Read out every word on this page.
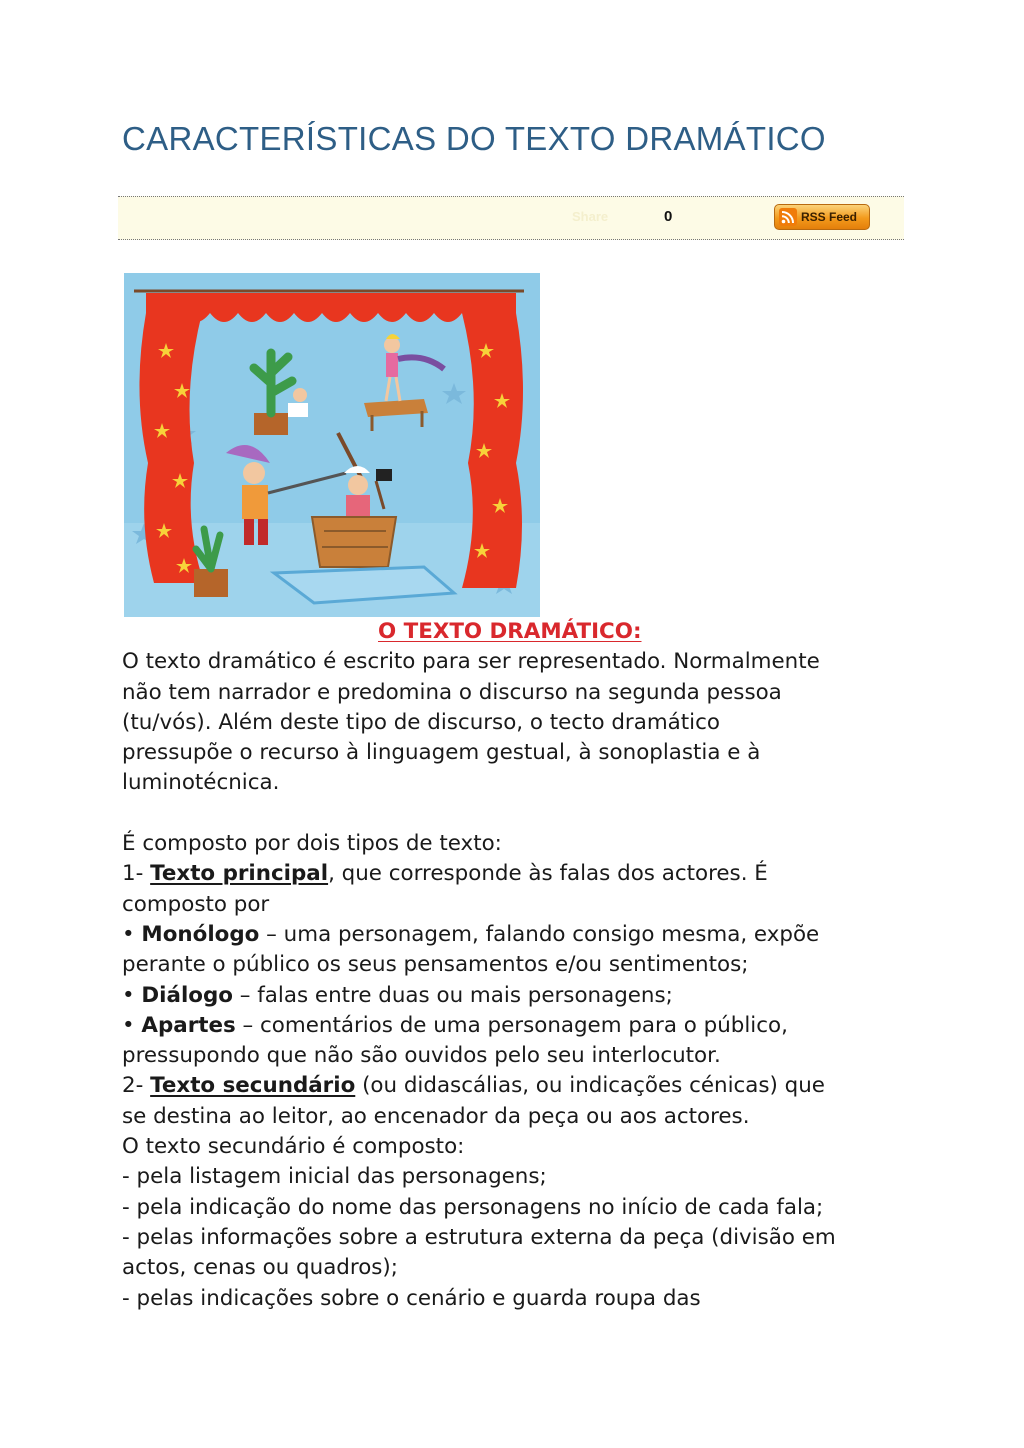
CARACTERÍSTICAS DO TEXTO DRAMÁTICO
Share	0	RSS Feed

O TEXTO DRAMÁTICO:

O texto dramático é escrito para ser representado. Normalmente

não tem narrador e predomina o discurso na segunda pessoa

(tu/vós). Além deste tipo de discurso, o tecto dramático

pressupõe o recurso à linguagem gestual, à sonoplastia e à

luminotécnica.

É composto por dois tipos de texto:

1- Texto principal, que corresponde às falas dos actores. É

composto por

• Monólogo – uma personagem, falando consigo mesma, expõe

perante o público os seus pensamentos e/ou sentimentos;

• Diálogo – falas entre duas ou mais personagens;

• Apartes – comentários de uma personagem para o público,

pressupondo que não são ouvidos pelo seu interlocutor.

2- Texto secundário (ou didascálias, ou indicações cénicas) que

se destina ao leitor, ao encenador da peça ou aos actores.

O texto secundário é composto:

- pela listagem inicial das personagens;

- pela indicação do nome das personagens no início de cada fala;

- pelas informações sobre a estrutura externa da peça (divisão em

actos, cenas ou quadros);

- pelas indicações sobre o cenário e guarda roupa das
